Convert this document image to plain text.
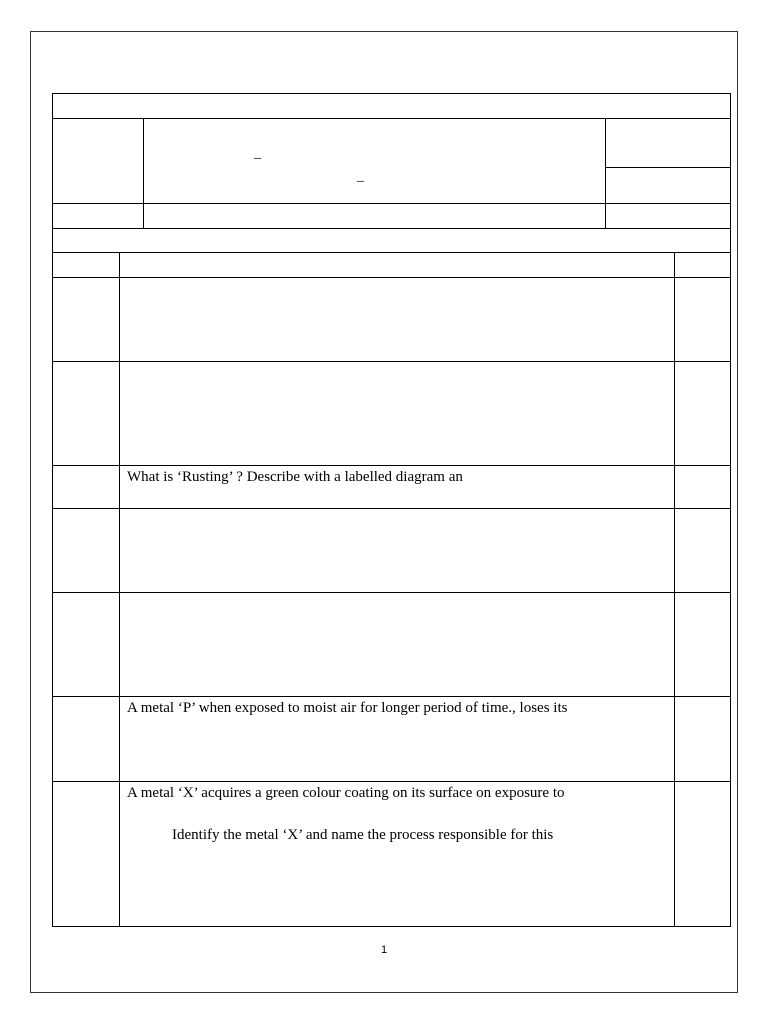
_
_
What is ‘Rusting’ ? Describe with a labelled diagram an
A metal ‘P’ when exposed to moist air for longer period of time., loses its
A metal ‘X’ acquires a green colour coating on its surface on exposure to
Identify the metal ‘X’ and name the process responsible for this
1
